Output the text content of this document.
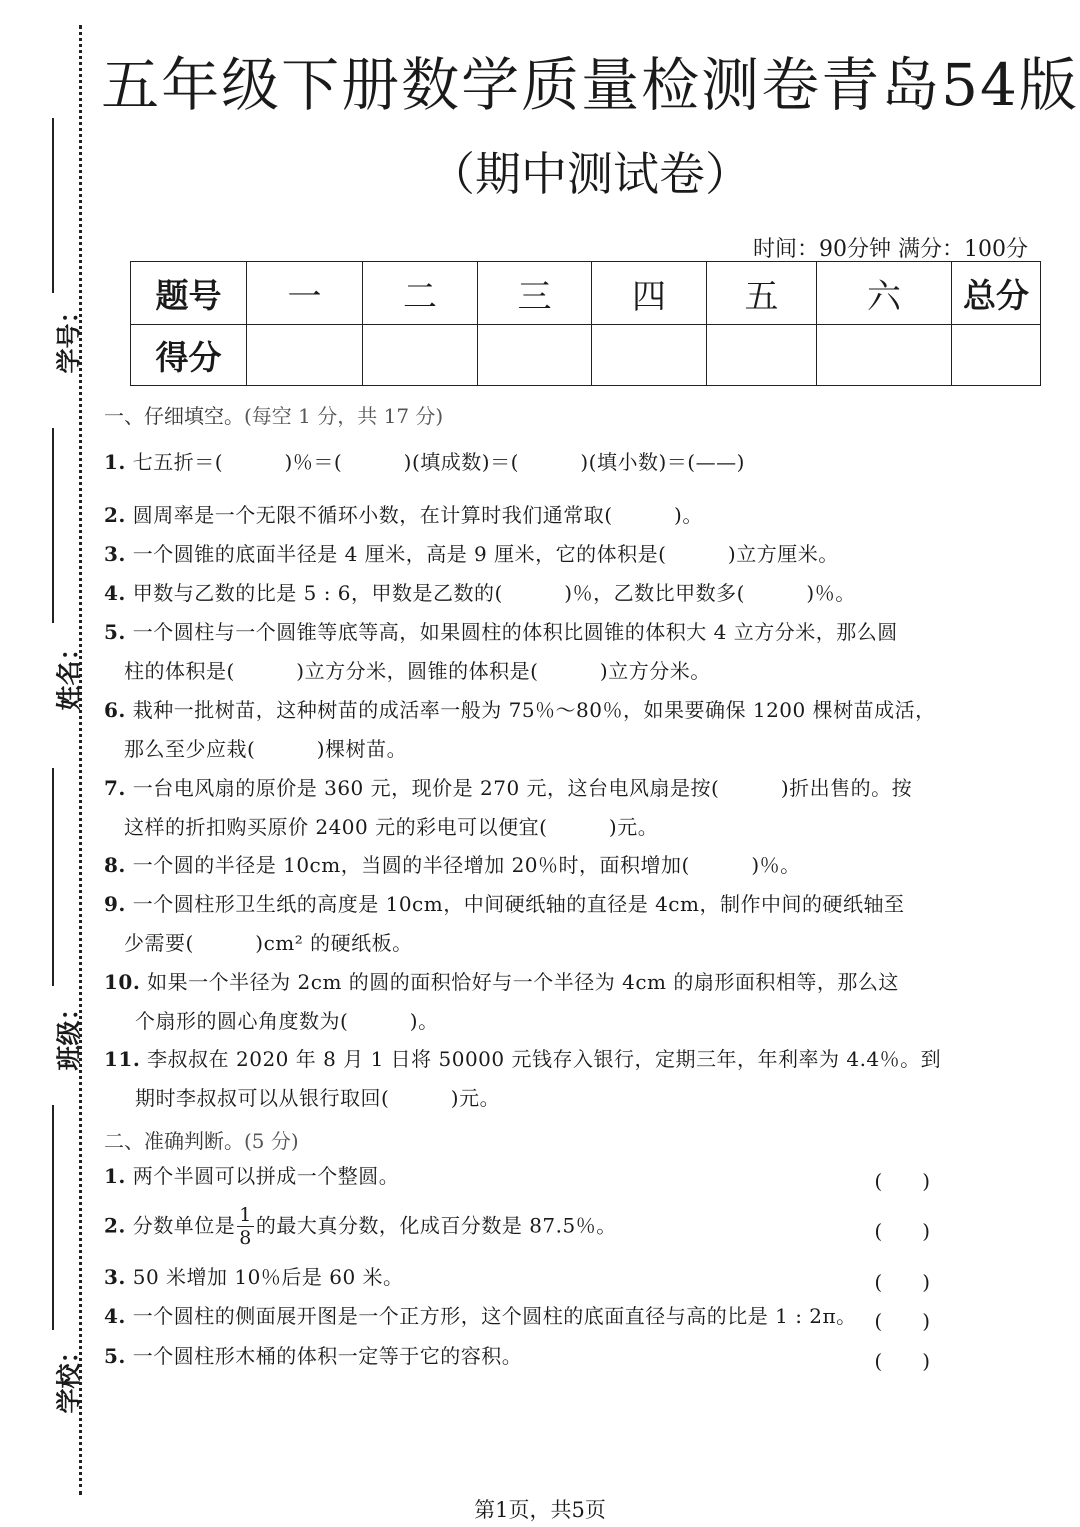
学号：
姓名：
班级：
学校：
五年级下册数学质量检测卷青岛54版
（期中测试卷）
时间：90分钟 满分：100分
题号	一	二	三	四	五	六	总分
得分							
一、仔细填空。(每空 1 分，共 17 分)
1. 七五折＝(　　　)％＝(　　　)(填成数)＝(　　　)(填小数)＝(——)
2. 圆周率是一个无限不循环小数，在计算时我们通常取(　　　)。
3. 一个圆锥的底面半径是 4 厘米，高是 9 厘米，它的体积是(　　　)立方厘米。
4. 甲数与乙数的比是 5 : 6，甲数是乙数的(　　　)％，乙数比甲数多(　　　)％。
5. 一个圆柱与一个圆锥等底等高，如果圆柱的体积比圆锥的体积大 4 立方分米，那么圆
柱的体积是(　　　)立方分米，圆锥的体积是(　　　)立方分米。
6. 栽种一批树苗，这种树苗的成活率一般为 75％～80％，如果要确保 1200 棵树苗成活，
那么至少应栽(　　　)棵树苗。
7. 一台电风扇的原价是 360 元，现价是 270 元，这台电风扇是按(　　　)折出售的。按
这样的折扣购买原价 2400 元的彩电可以便宜(　　　)元。
8. 一个圆的半径是 10cm，当圆的半径增加 20％时，面积增加(　　　)％。
9. 一个圆柱形卫生纸的高度是 10cm，中间硬纸轴的直径是 4cm，制作中间的硬纸轴至
少需要(　　　)cm² 的硬纸板。
10. 如果一个半径为 2cm 的圆的面积恰好与一个半径为 4cm 的扇形面积相等，那么这
个扇形的圆心角度数为(　　　)。
11. 李叔叔在 2020 年 8 月 1 日将 50000 元钱存入银行，定期三年，年利率为 4.4％。到
期时李叔叔可以从银行取回(　　　)元。
二、准确判断。(5 分)
1. 两个半圆可以拼成一个整圆。	(　　)
2. 分数单位是 $\frac{1}{8}$ 的最大真分数，化成百分数是 87.5％。	(　　)
3. 50 米增加 10％后是 60 米。	(　　)
4. 一个圆柱的侧面展开图是一个正方形，这个圆柱的底面直径与高的比是 1 : 2π。 (　　)
5. 一个圆柱形木桶的体积一定等于它的容积。	(　　)
第1页，共5页
